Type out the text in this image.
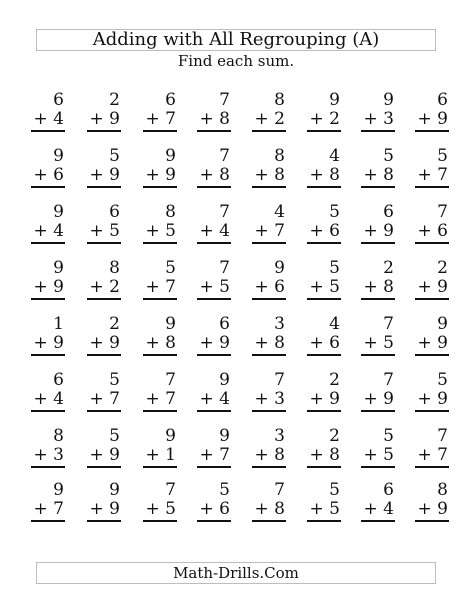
Adding with All Regrouping (A)
Find each sum.
6
+ 4
2
+ 9
6
+ 7
7
+ 8
8
+ 2
9
+ 2
9
+ 3
6
+ 9
9
+ 6
5
+ 9
9
+ 9
7
+ 8
8
+ 8
4
+ 8
5
+ 8
5
+ 7
9
+ 4
6
+ 5
8
+ 5
7
+ 4
4
+ 7
5
+ 6
6
+ 9
7
+ 6
9
+ 9
8
+ 2
5
+ 7
7
+ 5
9
+ 6
5
+ 5
2
+ 8
2
+ 9
1
+ 9
2
+ 9
9
+ 8
6
+ 9
3
+ 8
4
+ 6
7
+ 5
9
+ 9
6
+ 4
5
+ 7
7
+ 7
9
+ 4
7
+ 3
2
+ 9
7
+ 9
5
+ 9
8
+ 3
5
+ 9
9
+ 1
9
+ 7
3
+ 8
2
+ 8
5
+ 5
7
+ 7
9
+ 7
9
+ 9
7
+ 5
5
+ 6
7
+ 8
5
+ 5
6
+ 4
8
+ 9
Math-Drills.Com
